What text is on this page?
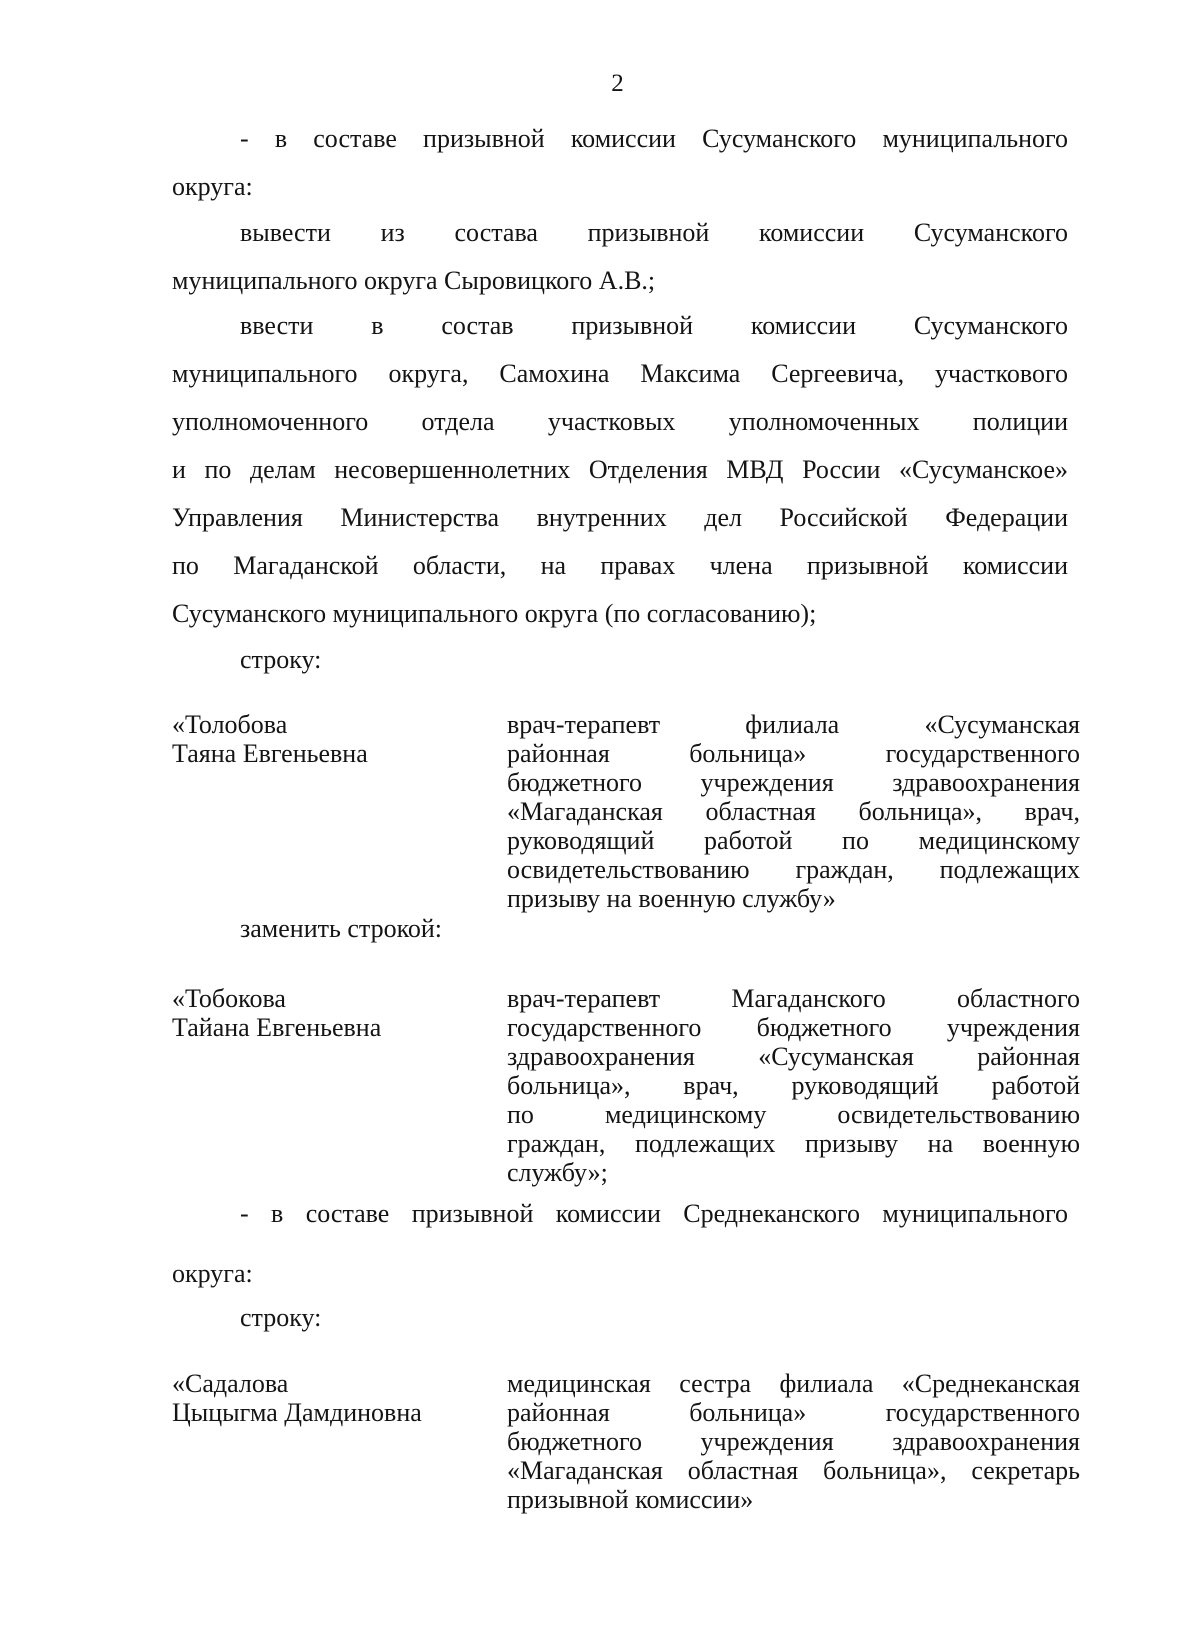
2
- в составе призывной комиссии Сусуманского муниципального
округа:
вывести из состава призывной комиссии Сусуманского
муниципального округа Сыровицкого А.В.;
ввести в состав призывной комиссии Сусуманского
муниципального округа, Самохина Максима Сергеевича, участкового
уполномоченного отдела участковых уполномоченных полиции
и по делам несовершеннолетних Отделения МВД России «Сусуманское»
Управления Министерства внутренних дел Российской Федерации
по Магаданской области, на правах члена призывной комиссии
Сусуманского муниципального округа (по согласованию);
строку:
«Толобова
Таяна Евгеньевна
врач-терапевт филиала «Сусуманская
районная больница» государственного
бюджетного учреждения здравоохранения
«Магаданская областная больница», врач,
руководящий работой по медицинскому
освидетельствованию граждан, подлежащих
призыву на военную службу»
заменить строкой:
«Тобокова
Тайана Евгеньевна
врач-терапевт Магаданского областного
государственного бюджетного учреждения
здравоохранения «Сусуманская районная
больница», врач, руководящий работой
по медицинскому освидетельствованию
граждан, подлежащих призыву на военную
службу»;
- в составе призывной комиссии Среднеканского муниципального
округа:
строку:
«Садалова
Цыцыгма Дамдиновна
медицинская сестра филиала «Среднеканская
районная больница» государственного
бюджетного учреждения здравоохранения
«Магаданская областная больница», секретарь
призывной комиссии»
